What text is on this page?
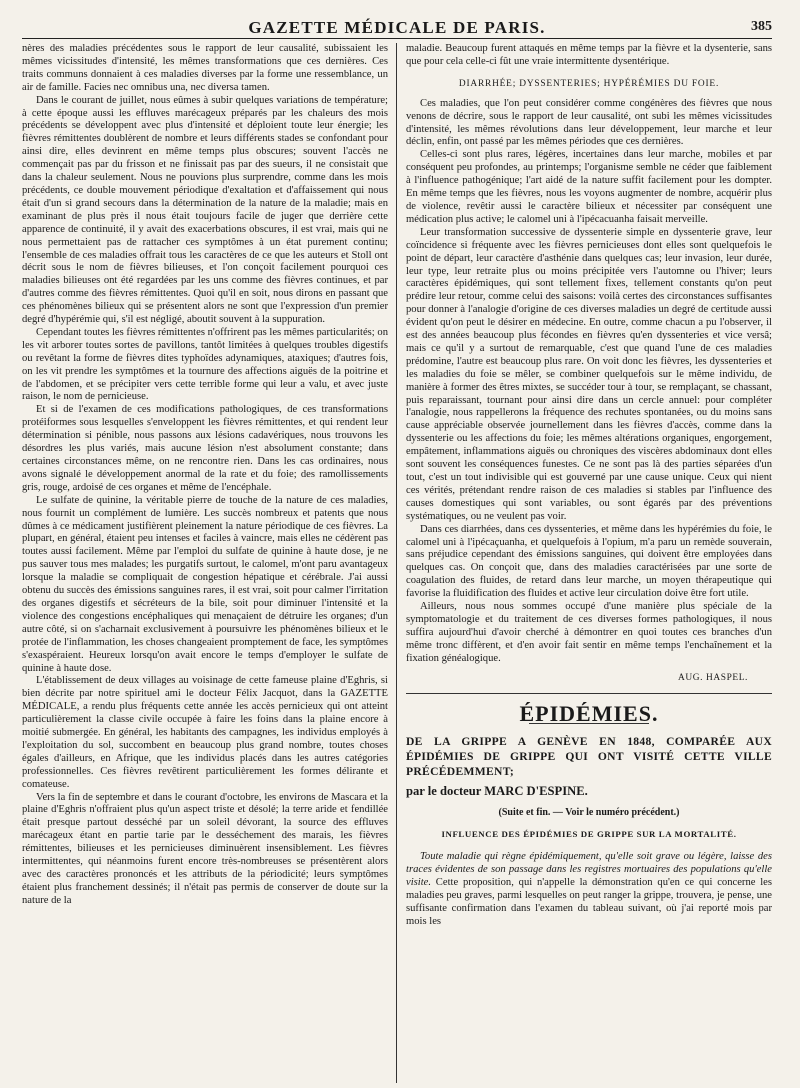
GAZETTE MÉDICALE DE PARIS.	385

nères des maladies précédentes sous le rapport de leur causalité, subissaient les mêmes vicissitudes d'intensité, les mêmes transformations que ces dernières. Ces traits communs donnaient à ces maladies diverses par la forme une ressemblance, un air de famille. Facies nec omnibus una, nec diversa tamen.

Dans le courant de juillet, nous eûmes à subir quelques variations de température; à cette époque aussi les effluves marécageux préparés par les chaleurs des mois précédents se développent avec plus d'intensité et déploient toute leur énergie; les fièvres rémittentes doublèrent de nombre et leurs différents stades se confondant pour ainsi dire, elles devinrent en même temps plus obscures; souvent l'accès ne commençait pas par du frisson et ne finissait pas par des sueurs, il ne consistait que dans la chaleur seulement. Nous ne pouvions plus surprendre, comme dans les mois précédents, ce double mouvement périodique d'exaltation et d'affaissement qui nous était d'un si grand secours dans la détermination de la nature de la maladie; mais en examinant de plus près il nous était toujours facile de juger que derrière cette apparence de continuité, il y avait des exacerbations obscures, il est vrai, mais qui ne nous permettaient pas de rattacher ces symptômes à un état purement continu; l'ensemble de ces maladies offrait tous les caractères de ce que les auteurs et Stoll ont décrit sous le nom de fièvres bilieuses, et l'on conçoit facilement pourquoi ces maladies bilieuses ont été regardées par les uns comme des fièvres continues, et par d'autres comme des fièvres rémittentes. Quoi qu'il en soit, nous dirons en passant que ces phénomènes bilieux qui se présentent alors ne sont que l'expression d'un premier degré d'hypérémie qui, s'il est négligé, aboutit souvent à la suppuration.

Cependant toutes les fièvres rémittentes n'offrirent pas les mêmes particularités; on les vit arborer toutes sortes de pavillons, tantôt limitées à quelques troubles digestifs ou revêtant la forme de fièvres dites typhoïdes adynamiques, ataxiques; d'autres fois, on les vit prendre les symptômes et la tournure des affections aiguës de la poitrine et de l'abdomen, et se précipiter vers cette terrible forme qui leur a valu, et avec juste raison, le nom de pernicieuse.

Et si de l'examen de ces modifications pathologiques, de ces transformations protéiformes sous lesquelles s'enveloppent les fièvres rémittentes, et qui rendent leur détermination si pénible, nous passons aux lésions cadavériques, nous trouvons les désordres les plus variés, mais aucune lésion n'est absolument constante; dans certaines circonstances même, on ne rencontre rien. Dans les cas ordinaires, nous avons signalé le développement anormal de la rate et du foie; des ramollissements gris, rouge, ardoisé de ces organes et même de l'encéphale.

Le sulfate de quinine, la véritable pierre de touche de la nature de ces maladies, nous fournit un complément de lumière. Les succès nombreux et patents que nous dûmes à ce médicament justifièrent pleinement la nature périodique de ces fièvres. La plupart, en général, étaient peu intenses et faciles à vaincre, mais elles ne cédèrent pas toutes aussi facilement. Même par l'emploi du sulfate de quinine à haute dose, je ne pus sauver tous mes malades; les purgatifs surtout, le calomel, m'ont paru avantageux lorsque la maladie se compliquait de congestion hépatique et cérébrale. J'ai aussi obtenu du succès des émissions sanguines rares, il est vrai, soit pour calmer l'irritation des organes digestifs et sécréteurs de la bile, soit pour diminuer l'intensité et la violence des congestions encéphaliques qui menaçaient de détruire les organes; d'un autre côté, si on s'acharnait exclusivement à poursuivre les phénomènes bilieux et le protée de l'inflammation, les choses changeaient promptement de face, les symptômes s'exaspéraient. Heureux lorsqu'on avait encore le temps d'employer le sulfate de quinine à haute dose.

L'établissement de deux villages au voisinage de cette fameuse plaine d'Eghris, si bien décrite par notre spirituel ami le docteur Félix Jacquot, dans la GAZETTE MÉDICALE, a rendu plus fréquents cette année les accès pernicieux qui ont atteint particulièrement la classe civile occupée à faire les foins dans la plaine encore à moitié submergée. En général, les habitants des campagnes, les individus employés à l'exploitation du sol, succombent en beaucoup plus grand nombre, toutes choses égales d'ailleurs, en Afrique, que les individus placés dans les autres catégories professionnelles. Ces fièvres revêtirent particulièrement les formes délirante et comateuse.

Vers la fin de septembre et dans le courant d'octobre, les environs de Mascara et la plaine d'Eghris n'offraient plus qu'un aspect triste et désolé; la terre aride et fendillée était presque partout desséché par un soleil dévorant, la source des effluves marécageux étant en partie tarie par le desséchement des marais, les fièvres rémittentes, bilieuses et les pernicieuses diminuèrent insensiblement. Les fièvres intermittentes, qui néanmoins furent encore très-nombreuses se présentèrent alors avec des caractères prononcés et les attributs de la périodicité; leurs symptômes étaient plus franchement dessinés; il n'était pas permis de conserver de doute sur la nature de la

maladie. Beaucoup furent attaqués en même temps par la fièvre et la dysenterie, sans que pour cela celle-ci fût une vraie intermittente dysentérique.

DIARRHÉE; DYSSENTERIES; HYPÉRÉMIES DU FOIE.

Ces maladies, que l'on peut considérer comme congénères des fièvres que nous venons de décrire, sous le rapport de leur causalité, ont subi les mêmes vicissitudes d'intensité, les mêmes révolutions dans leur développement, leur marche et leur déclin, enfin, ont passé par les mêmes périodes que ces dernières.

Celles-ci sont plus rares, légères, incertaines dans leur marche, mobiles et par conséquent peu profondes, au printemps; l'organisme semble ne céder que faiblement à l'influence pathogénique; l'art aidé de la nature suffit facilement pour les dompter. En même temps que les fièvres, nous les voyons augmenter de nombre, acquérir plus de violence, revêtir aussi le caractère bilieux et nécessiter par conséquent une médication plus active; le calomel uni à l'ipécacuanha faisait merveille.

Leur transformation successive de dyssenterie simple en dyssenterie grave, leur coïncidence si fréquente avec les fièvres pernicieuses dont elles sont quelquefois le point de départ, leur caractère d'asthénie dans quelques cas; leur invasion, leur durée, leur type, leur retraite plus ou moins précipitée vers l'automne ou l'hiver; leurs caractères épidémiques, qui sont tellement fixes, tellement constants qu'on peut prédire leur retour, comme celui des saisons: voilà certes des circonstances suffisantes pour donner à l'analogie d'origine de ces diverses maladies un degré de certitude aussi évident qu'on peut le désirer en médecine. En outre, comme chacun a pu l'observer, il est des années beaucoup plus fécondes en fièvres qu'en dyssenteries et vice versâ; mais ce qu'il y a surtout de remarquable, c'est que quand l'une de ces maladies prédomine, l'autre est beaucoup plus rare. On voit donc les fièvres, les dyssenteries et les maladies du foie se mêler, se combiner quelquefois sur le même individu, de manière à former des êtres mixtes, se succéder tour à tour, se remplaçant, se chassant, puis reparaissant, tournant pour ainsi dire dans un cercle annuel: pour compléter l'analogie, nous rappellerons la fréquence des rechutes spontanées, ou du moins sans cause appréciable observée journellement dans les fièvres d'accès, comme dans la dyssenterie ou les affections du foie; les mêmes altérations organiques, engorgement, empâtement, inflammations aiguës ou chroniques des viscères abdominaux dont elles sont souvent les conséquences funestes. Ce ne sont pas là des parties séparées d'un tout, c'est un tout indivisible qui est gouverné par une cause unique. Ceux qui nient ces vérités, prétendant rendre raison de ces maladies si stables par l'influence des causes domestiques qui sont variables, ou sont égarés par des préventions systématiques, ou ne veulent pas voir.

Dans ces diarrhées, dans ces dyssenteries, et même dans les hypérémies du foie, le calomel uni à l'ipécaçuanha, et quelquefois à l'opium, m'a paru un remède souverain, sans préjudice cependant des émissions sanguines, qui doivent être employées dans quelques cas. On conçoit que, dans des maladies caractérisées par une sorte de coagulation des fluides, de retard dans leur marche, un moyen thérapeutique qui favorise la fluidification des fluides et active leur circulation doive être fort utile.

Ailleurs, nous nous sommes occupé d'une manière plus spéciale de la symptomatologie et du traitement de ces diverses formes pathologiques, il nous suffira aujourd'hui d'avoir cherché à démontrer en quoi toutes ces branches d'un même tronc diffèrent, et d'en avoir fait sentir en même temps l'enchaînement et la fixation généalogique.

AUG. HASPEL.
ÉPIDÉMIES.

DE LA GRIPPE A GENÈVE EN 1848, COMPARÉE AUX ÉPIDÉMIES DE GRIPPE QUI ONT VISITÉ CETTE VILLE PRÉCÉDEMMENT;

par le docteur MARC D'ESPINE.

(Suite et fin. — Voir le numéro précédent.)

INFLUENCE DES ÉPIDÉMIES DE GRIPPE SUR LA MORTALITÉ.

Toute maladie qui règne épidémiquement, qu'elle soit grave ou légère, laisse des traces évidentes de son passage dans les registres mortuaires des populations qu'elle visite. Cette proposition, qui n'appelle la démonstration qu'en ce qui concerne les maladies peu graves, parmi lesquelles on peut ranger la grippe, trouvera, je pense, une suffisante confirmation dans l'examen du tableau suivant, où j'ai reporté mois par mois les
